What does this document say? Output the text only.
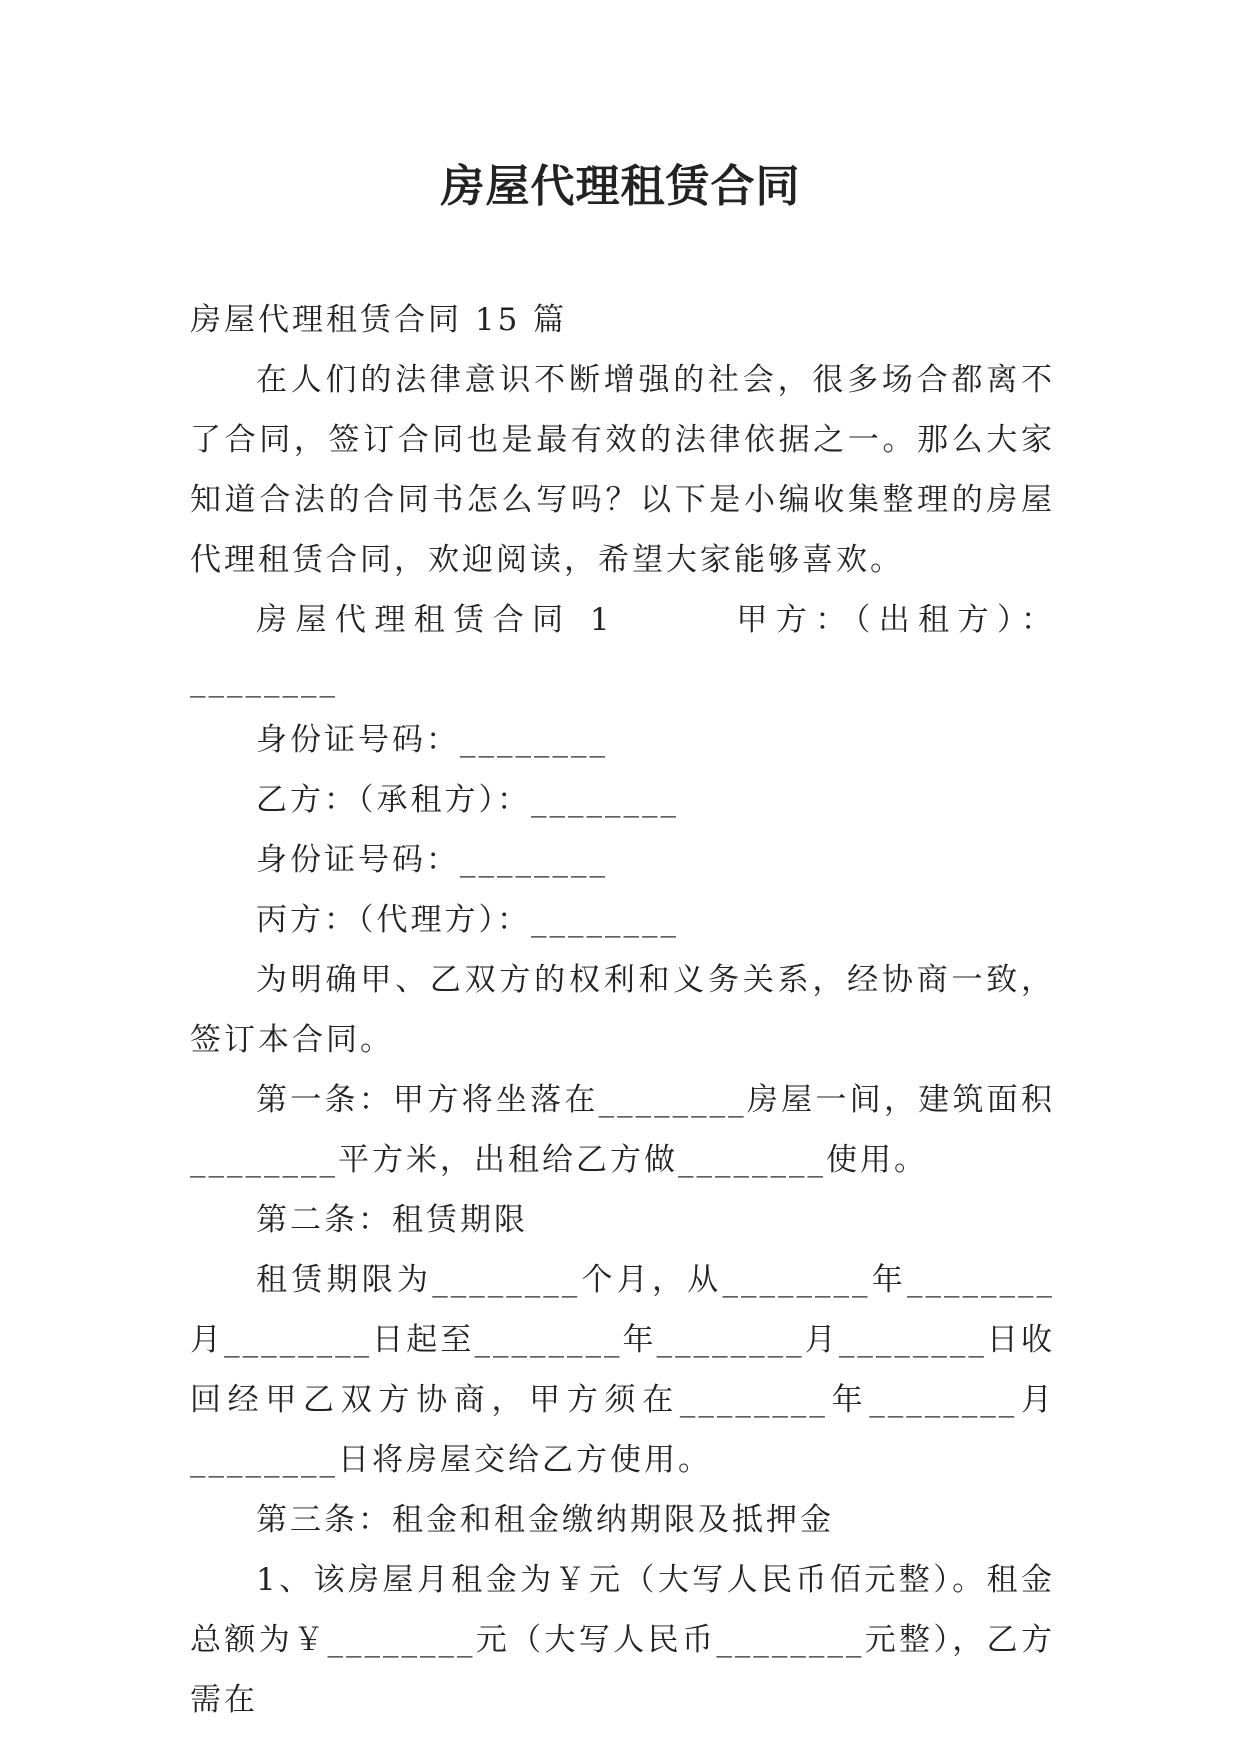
房屋代理租赁合同

房屋代理租赁合同 15 篇

在人们的法律意识不断增强的社会，很多场合都离不了合同，签订合同也是最有效的法律依据之一。那么大家知道合法的合同书怎么写吗？以下是小编收集整理的房屋代理租赁合同，欢迎阅读，希望大家能够喜欢。

房屋代理租赁合同 1　　　甲方：（出租方）：________

身份证号码：________

乙方：（承租方）：________

身份证号码：________

丙方：（代理方）：________

为明确甲、乙双方的权利和义务关系，经协商一致，签订本合同。

第一条：甲方将坐落在________房屋一间，建筑面积________平方米，出租给乙方做________使用。

第二条：租赁期限

租赁期限为________个月，从________年________月________日起至________年________月________日收回经甲乙双方协商，甲方须在________年________月________日将房屋交给乙方使用。

第三条：租金和租金缴纳期限及抵押金

1、该房屋月租金为￥元（大写人民币佰元整）。租金总额为￥________元（大写人民币________元整），乙方需在
